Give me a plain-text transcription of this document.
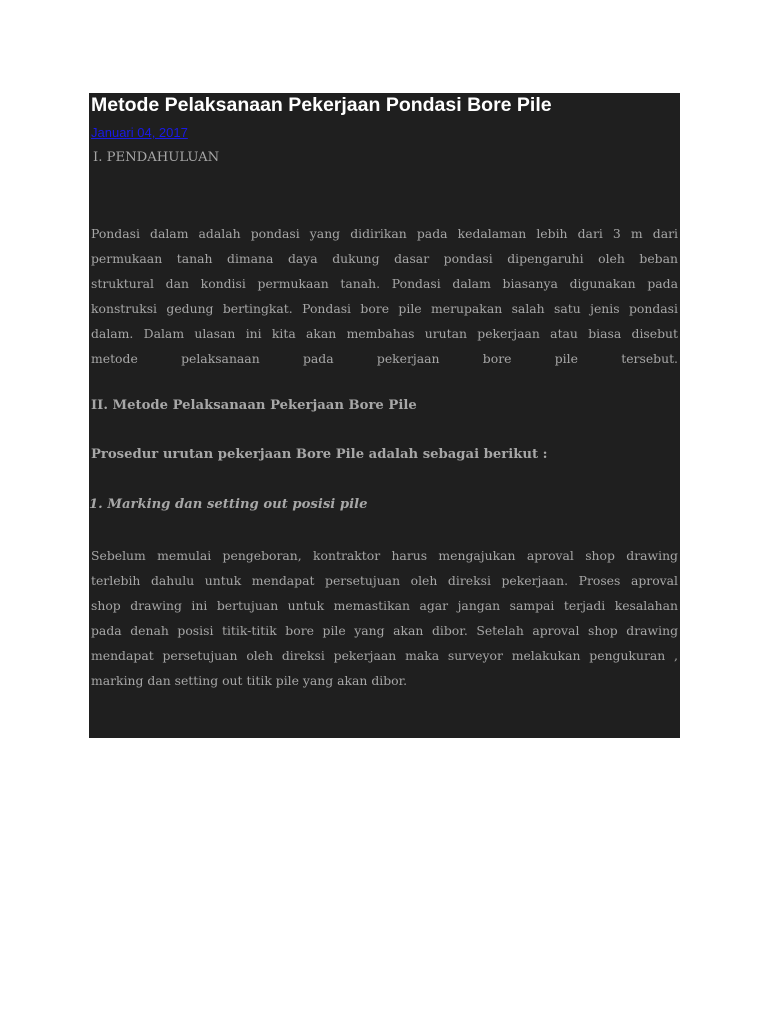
Metode Pelaksanaan Pekerjaan Pondasi Bore Pile
Januari 04, 2017
I. PENDAHULUAN
Pondasi dalam adalah pondasi yang didirikan pada kedalaman lebih dari 3 m dari
permukaan tanah dimana daya dukung dasar pondasi dipengaruhi oleh beban
struktural dan kondisi permukaan tanah. Pondasi dalam biasanya digunakan pada
konstruksi gedung bertingkat. Pondasi bore pile merupakan salah satu jenis pondasi
dalam. Dalam ulasan ini kita akan membahas urutan pekerjaan atau biasa disebut
metode pelaksanaan pada pekerjaan bore pile tersebut.
II. Metode Pelaksanaan Pekerjaan Bore Pile
Prosedur urutan pekerjaan Bore Pile adalah sebagai berikut :
1. Marking dan setting out posisi pile
Sebelum memulai pengeboran, kontraktor harus mengajukan aproval shop drawing
terlebih dahulu untuk mendapat persetujuan oleh direksi pekerjaan. Proses aproval
shop drawing ini bertujuan untuk memastikan agar jangan sampai terjadi kesalahan
pada denah posisi titik-titik bore pile yang akan dibor. Setelah aproval shop drawing
mendapat persetujuan oleh direksi pekerjaan maka surveyor melakukan pengukuran ,
marking dan setting out titik pile yang akan dibor.
